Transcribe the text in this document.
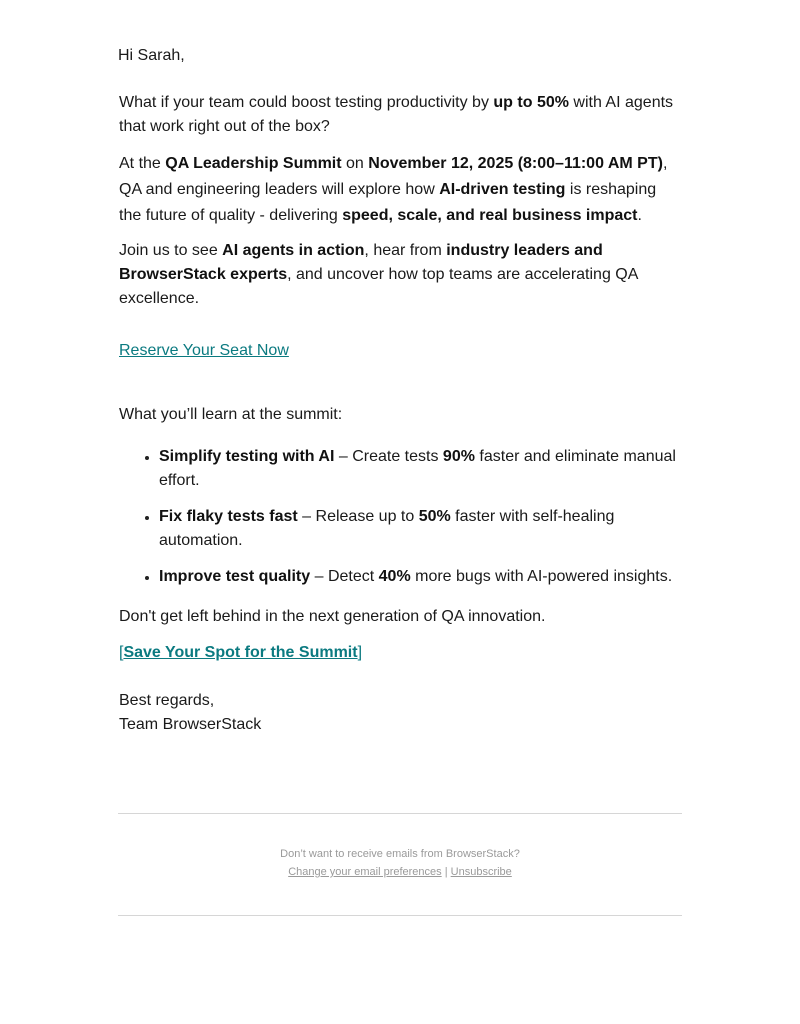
Hi Sarah,
What if your team could boost testing productivity by up to 50% with AI agents that work right out of the box?
At the QA Leadership Summit on November 12, 2025 (8:00–11:00 AM PT), QA and engineering leaders will explore how AI-driven testing is reshaping the future of quality - delivering speed, scale, and real business impact.
Join us to see AI agents in action, hear from industry leaders and BrowserStack experts, and uncover how top teams are accelerating QA excellence.
Reserve Your Seat Now
What you’ll learn at the summit:
Simplify testing with AI – Create tests 90% faster and eliminate manual effort.
Fix flaky tests fast – Release up to 50% faster with self-healing automation.
Improve test quality – Detect 40% more bugs with AI-powered insights.
Don't get left behind in the next generation of QA innovation.
[Save Your Spot for the Summit]
Best regards,
Team BrowserStack
Don’t want to receive emails from BrowserStack?
Change your email preferences | Unsubscribe
